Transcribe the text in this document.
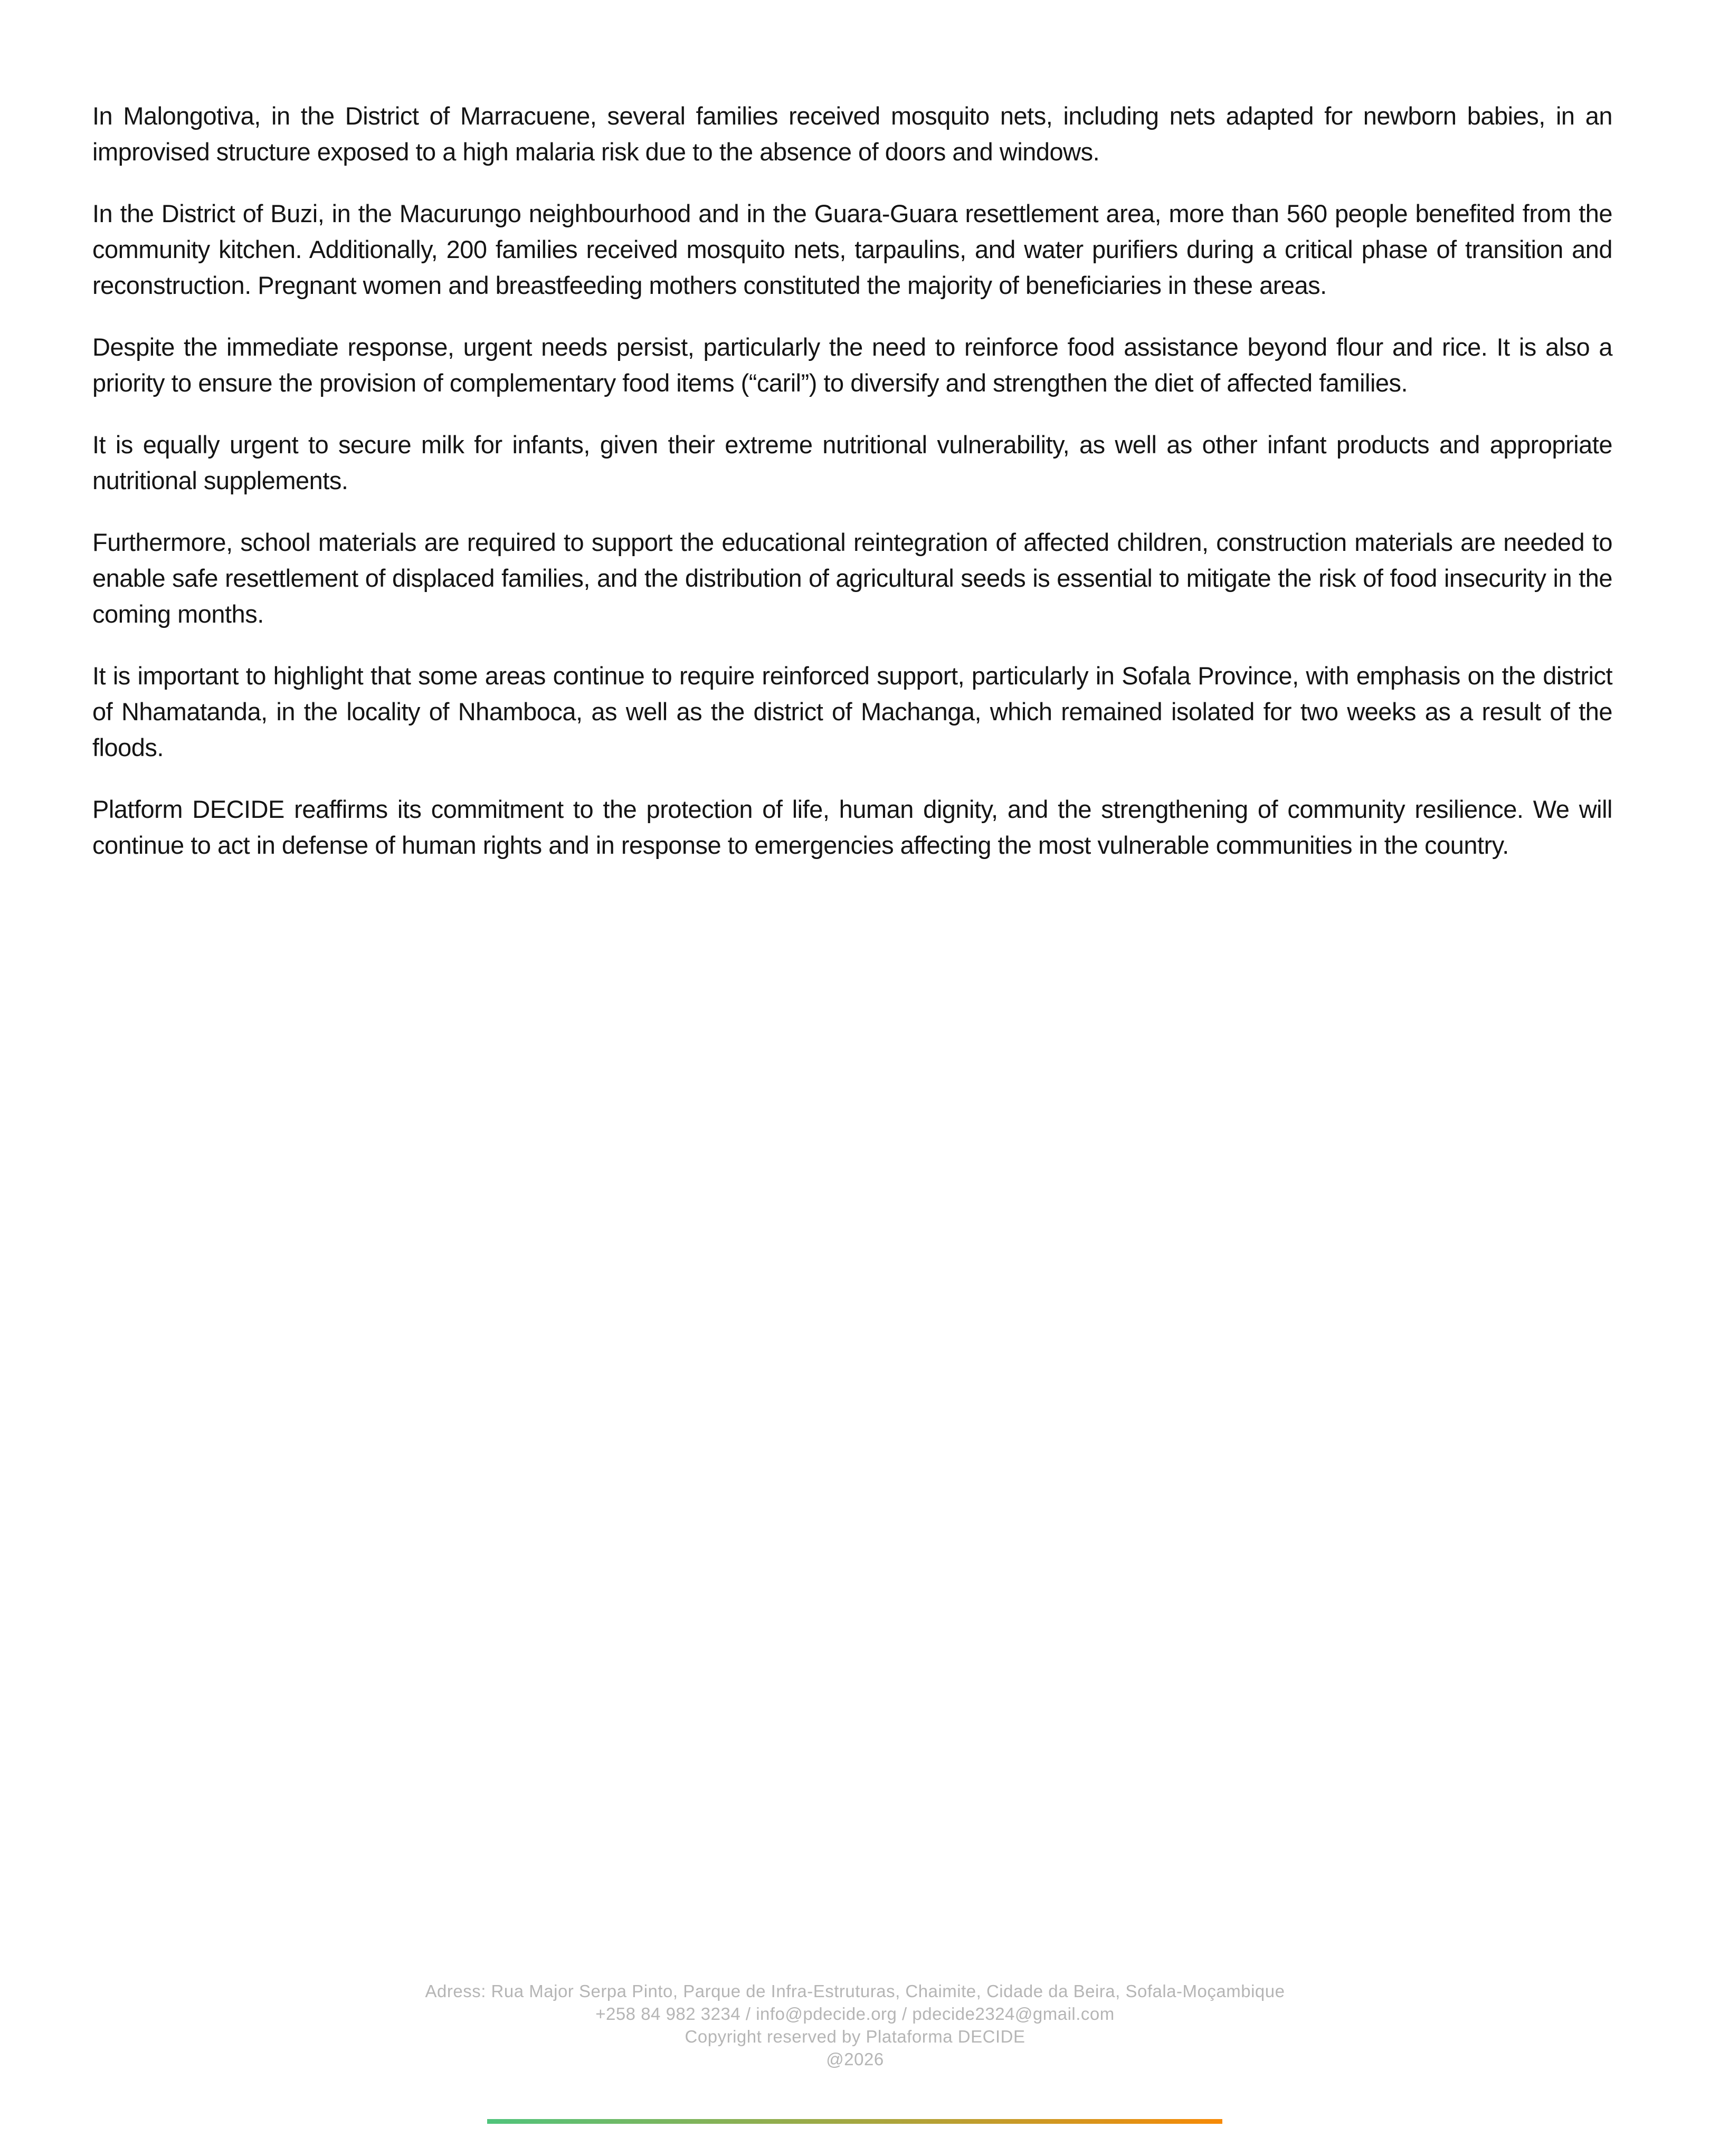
In Malongotiva, in the District of Marracuene, several families received mosquito nets, including nets adapted for newborn babies, in an improvised structure exposed to a high malaria risk due to the absence of doors and windows.

In the District of Buzi, in the Macurungo neighbourhood and in the Guara-Guara resettlement area, more than 560 people benefited from the community kitchen. Additionally, 200 families received mosquito nets, tarpaulins, and water purifiers during a critical phase of transition and reconstruction. Pregnant women and breastfeeding mothers constituted the majority of beneficiaries in these areas.

Despite the immediate response, urgent needs persist, particularly the need to reinforce food assistance beyond flour and rice. It is also a priority to ensure the provision of complementary food items (“caril”) to diversify and strengthen the diet of affected families.

It is equally urgent to secure milk for infants, given their extreme nutritional vulnerability, as well as other infant products and appropriate nutritional supplements.

Furthermore, school materials are required to support the educational reintegration of affected children, construction materials are needed to enable safe resettlement of displaced families, and the distribution of agricultural seeds is essential to mitigate the risk of food insecurity in the coming months.

It is important to highlight that some areas continue to require reinforced support, particularly in Sofala Province, with emphasis on the district of Nhamatanda, in the locality of Nhamboca, as well as the district of Machanga, which remained isolated for two weeks as a result of the floods.

Platform DECIDE reaffirms its commitment to the protection of life, human dignity, and the strengthening of community resilience. We will continue to act in defense of human rights and in response to emergencies affecting the most vulnerable communities in the country.

Adress: Rua Major Serpa Pinto, Parque de Infra-Estruturas, Chaimite, Cidade da Beira, Sofala-Moçambique
+258 84 982 3234 / info@pdecide.org / pdecide2324@gmail.com
Copyright reserved by Plataforma DECIDE
@2026
